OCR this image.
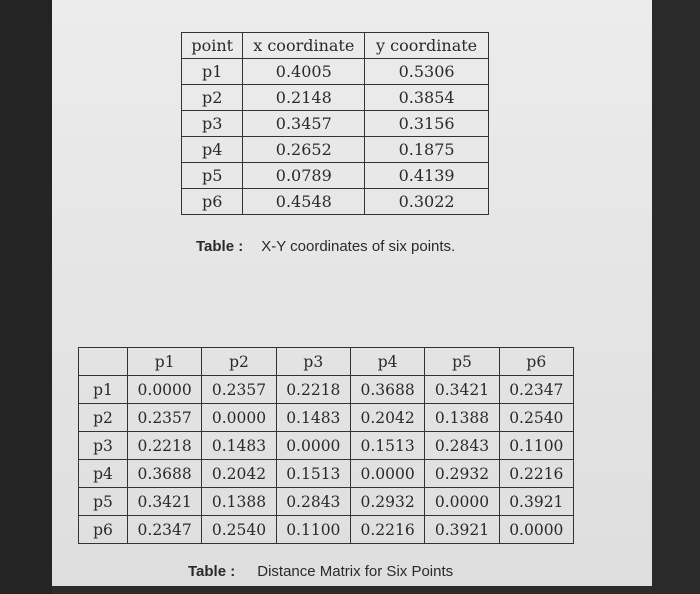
point	x coordinate	y coordinate
p1	0.4005	0.5306
p2	0.2148	0.3854
p3	0.3457	0.3156
p4	0.2652	0.1875
p5	0.0789	0.4139
p6	0.4548	0.3022
Table : X-Y coordinates of six points.
	p1	p2	p3	p4	p5	p6
p1	0.0000	0.2357	0.2218	0.3688	0.3421	0.2347
p2	0.2357	0.0000	0.1483	0.2042	0.1388	0.2540
p3	0.2218	0.1483	0.0000	0.1513	0.2843	0.1100
p4	0.3688	0.2042	0.1513	0.0000	0.2932	0.2216
p5	0.3421	0.1388	0.2843	0.2932	0.0000	0.3921
p6	0.2347	0.2540	0.1100	0.2216	0.3921	0.0000
Table : Distance Matrix for Six Points
